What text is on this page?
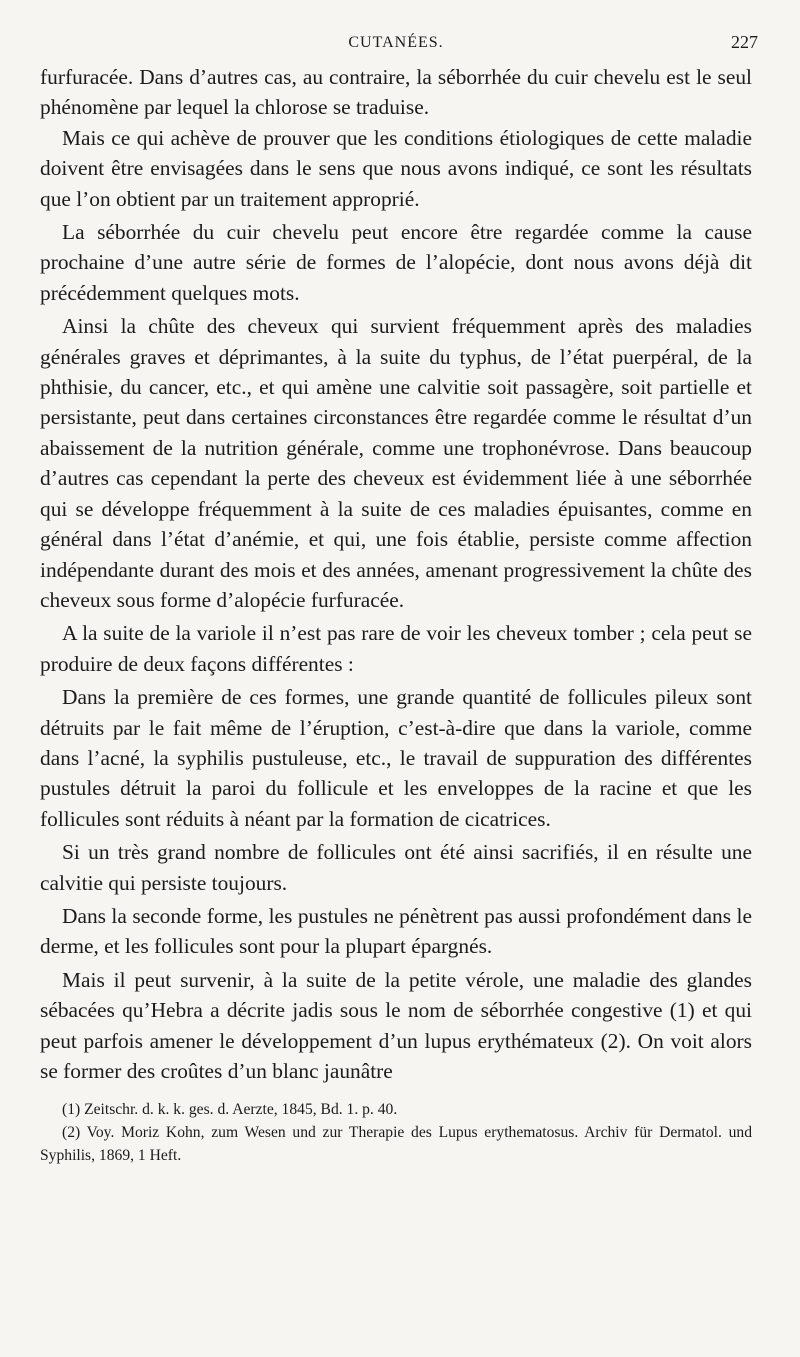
CUTANÉES.	227

furfuracée. Dans d’autres cas, au contraire, la séborrhée du cuir chevelu est le seul phénomène par lequel la chlorose se traduise.

Mais ce qui achève de prouver que les conditions étiologiques de cette maladie doivent être envisagées dans le sens que nous avons indiqué, ce sont les résultats que l’on obtient par un traitement approprié.

La séborrhée du cuir chevelu peut encore être regardée comme la cause prochaine d’une autre série de formes de l’alopécie, dont nous avons déjà dit précédemment quelques mots.

Ainsi la chûte des cheveux qui survient fréquemment après des maladies générales graves et déprimantes, à la suite du typhus, de l’état puerpéral, de la phthisie, du cancer, etc., et qui amène une calvitie soit passagère, soit partielle et persistante, peut dans certaines circonstances être regardée comme le résultat d’un abaissement de la nutrition générale, comme une trophonévrose. Dans beaucoup d’autres cas cependant la perte des cheveux est évidemment liée à une séborrhée qui se développe fréquemment à la suite de ces maladies épuisantes, comme en général dans l’état d’anémie, et qui, une fois établie, persiste comme affection indépendante durant des mois et des années, amenant progressivement la chûte des cheveux sous forme d’alopécie furfuracée.

A la suite de la variole il n’est pas rare de voir les cheveux tomber ; cela peut se produire de deux façons différentes :

Dans la première de ces formes, une grande quantité de follicules pileux sont détruits par le fait même de l’éruption, c’est-à-dire que dans la variole, comme dans l’acné, la syphilis pustuleuse, etc., le travail de suppuration des différentes pustules détruit la paroi du follicule et les enveloppes de la racine et que les follicules sont réduits à néant par la formation de cicatrices.

Si un très grand nombre de follicules ont été ainsi sacrifiés, il en résulte une calvitie qui persiste toujours.

Dans la seconde forme, les pustules ne pénètrent pas aussi profondément dans le derme, et les follicules sont pour la plupart épargnés.

Mais il peut survenir, à la suite de la petite vérole, une maladie des glandes sébacées qu’Hebra a décrite jadis sous le nom de séborrhée congestive (1) et qui peut parfois amener le développement d’un lupus erythémateux (2). On voit alors se former des croûtes d’un blanc jaunâtre

(1) Zeitschr. d. k. k. ges. d. Aerzte, 1845, Bd. 1. p. 40.

(2) Voy. Moriz Kohn, zum Wesen und zur Therapie des Lupus erythematosus. Archiv für Dermatol. und Syphilis, 1869, 1 Heft.
